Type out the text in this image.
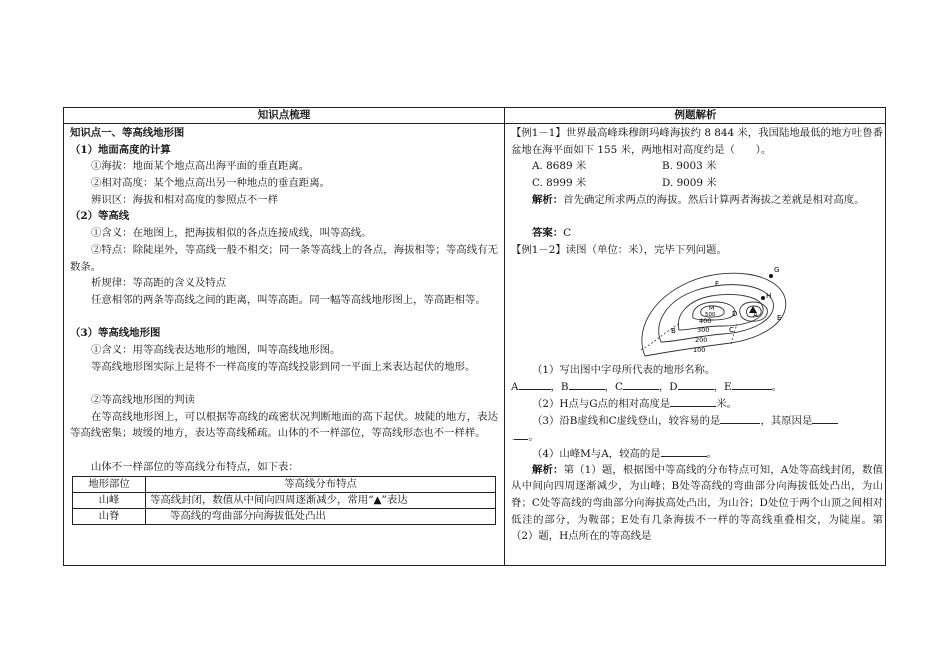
知识点梳理	例题解析
知识点一、等高线地形图
（1）地面高度的计算
①海拔：地面某个地点高出海平面的垂直距离。
②相对高度：某个地点高出另一种地点的垂直距离。
辨识区：海拔和相对高度的参照点不一样
（2）等高线
①含义：在地图上，把海拔相似的各点连接成线，叫等高线。
②特点：除陡崖外，等高线一般不相交；同一条等高线上的各点，海拔相等；等高线有无数条。
析规律：等高距的含义及特点
任意相邻的两条等高线之间的距离，叫等高距。同一幅等高线地形图上，等高距相等。
（3）等高线地形图
①含义：用等高线表达地形的地图，叫等高线地形图。
等高线地形图实际上是将不一样高度的等高线投影到同一平面上来表达起伏的地形。
②等高线地形图的判读
在等高线地形图上，可以根据等高线的疏密状况判断地面的高下起伏。坡陡的地方，表达等高线密集；坡缓的地方，表达等高线稀疏。山体的不一样部位，等高线形态也不一样样。
山体不一样部位的等高线分布特点，如下表：
地形部位	等高线分布特点
山峰	等高线封闭，数值从中间向四周逐渐减少，常用“▲”表达
山脊	等高线的弯曲部分向海拔低处凸出
【例1－1】世界最高峰珠穆朗玛峰海拔约 8 844 米，我国陆地最低的地方吐鲁番盆地在海平面如下 155 米，两地相对高度约是（　　）。
A. 8689 米	B. 9003 米
C. 8999 米	D. 9009 米
解析：首先确定所求两点的海拔。然后计算两者海拔之差就是相对高度。
答案：C
【例1－2】读图（单位：米），完毕下列问题。
A
B	C
D	E
F
G
H
M
100
200
300
400
500
（1）写出图中字母所代表的地形名称。
A	，B	，C	，D	，E	。
（2）H点与G点的相对高度是	米。
（3）沿B虚线和C虚线登山，较容易的是	，其原因是
. 。
（4）山峰M与A，较高的是	。
解析：第（1）题，根据图中等高线的分布特点可知，A处等高线封闭，数值从中间向四周逐渐减少，为山峰；B处等高线的弯曲部分向海拔低处凸出，为山脊；C处等高线的弯曲部分向海拔高处凸出，为山谷；D处位于两个山顶之间相对低洼的部分，为鞍部；E处有几条海拔不一样的等高线重叠相交，为陡崖。第（2）题，H点所在的等高线是
